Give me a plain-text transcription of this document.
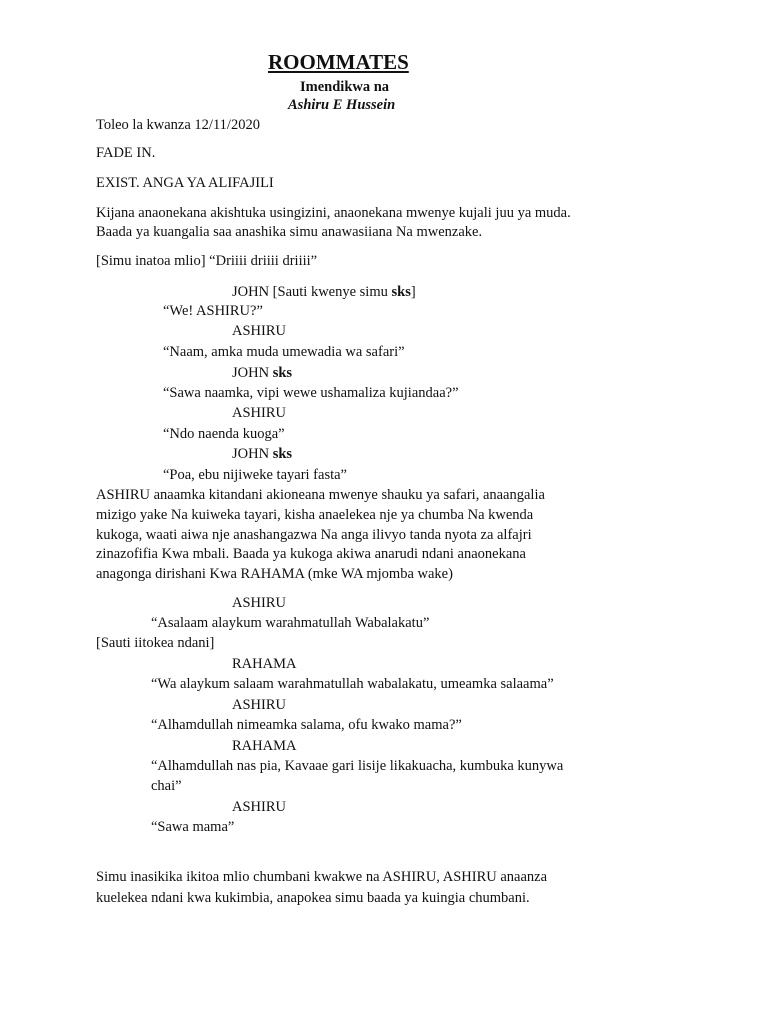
ROOMMATES
Imendikwa na
Ashiru E Hussein
Toleo la kwanza 12/11/2020
FADE IN.
EXIST. ANGA YA ALIFAJILI
Kijana anaonekana akishtuka usingizini, anaonekana mwenye kujali juu ya muda.
Baada ya kuangalia saa anashika simu anawasiiana Na mwenzake.
[Simu inatoa mlio] “Driiii driiii driiii”
JOHN [Sauti kwenye simu sks]
“We! ASHIRU?”
ASHIRU
“Naam, amka muda umewadia wa safari”
JOHN sks
“Sawa naamka, vipi wewe ushamaliza kujiandaa?”
ASHIRU
“Ndo naenda kuoga”
JOHN sks
“Poa, ebu nijiweke tayari fasta”
ASHIRU anaamka kitandani akioneana mwenye shauku ya safari, anaangalia
mizigo yake Na kuiweka tayari, kisha anaelekea nje ya chumba Na kwenda
kukoga, waati aiwa nje anashangazwa Na anga ilivyo tanda nyota za alfajri
zinazofifia Kwa mbali. Baada ya kukoga akiwa anarudi ndani anaonekana
anagonga dirishani Kwa RAHAMA (mke WA mjomba wake)
ASHIRU
“Asalaam alaykum warahmatullah Wabalakatu”
[Sauti iitokea ndani]
RAHAMA
“Wa alaykum salaam warahmatullah wabalakatu, umeamka salaama”
ASHIRU
“Alhamdullah nimeamka salama, ofu kwako mama?”
RAHAMA
“Alhamdullah nas pia, Kavaae gari lisije likakuacha, kumbuka kunywa
chai”
ASHIRU
“Sawa mama”
Simu inasikika ikitoa mlio chumbani kwakwe na ASHIRU, ASHIRU anaanza
kuelekea ndani kwa kukimbia, anapokea simu baada ya kuingia chumbani.
